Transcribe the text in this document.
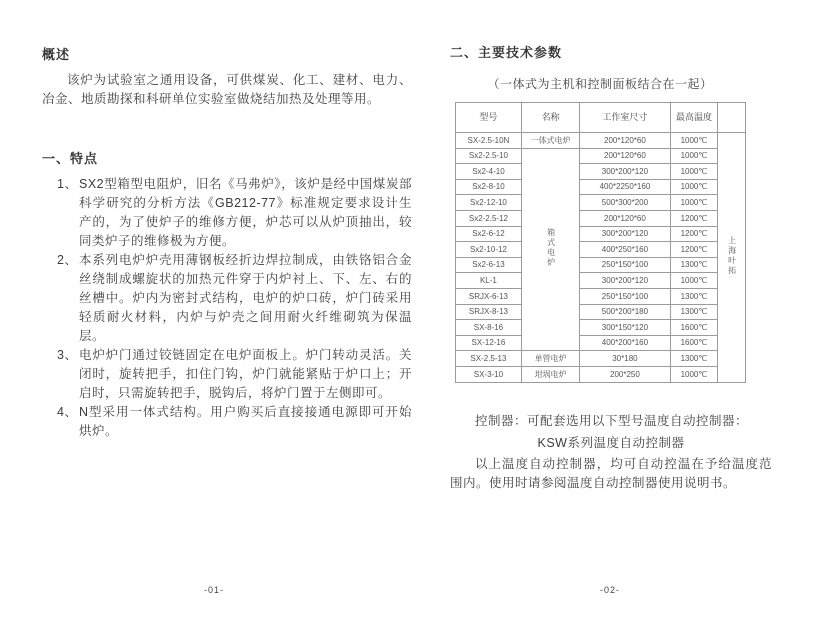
概述

该炉为试验室之通用设备，可供煤炭、化工、建材、电力、冶金、地质勘探和科研单位实验室做烧结加热及处理等用。

一、特点
1、 SX2型箱型电阻炉，旧名《马弗炉》，该炉是经中国煤炭部科学研究的分析方法《GB212-77》标准规定要求设计生产的，为了使炉子的维修方便，炉芯可以从炉顶抽出，较同类炉子的维修极为方便。
2、 本系列电炉炉壳用薄钢板经折边焊拉制成，由铁铬铝合金丝绕制成螺旋状的加热元件穿于内炉衬上、下、左、右的丝槽中。炉内为密封式结构，电炉的炉口砖，炉门砖采用轻质耐火材料，内炉与炉壳之间用耐火纤维砌筑为保温层。
3、 电炉炉门通过铰链固定在电炉面板上。炉门转动灵活。关闭时，旋转把手，扣住门钩，炉门就能紧贴于炉口上；开启时，只需旋转把手，脱钩后，将炉门置于左侧即可。
4、 N型采用一体式结构。用户购买后直接接通电源即可开始烘炉。
二、主要技术参数

（一体式为主机和控制面板结合在一起）

型号	名称	工作室尺寸	最高温度	
SX-2.5-10N	一体式电炉	200*120*60	1000℃	上海叶拓
Sx2-2.5-10	箱式电炉	200*120*60	1000℃	
Sx2-4-10		300*200*120	1000℃	
Sx2-8-10		400*2250*160	1000℃	
Sx2-12-10		500*300*200	1000℃	
Sx2-2.5-12		200*120*60	1200℃	
Sx2-6-12		300*200*120	1200℃	
Sx2-10-12		400*250*160	1200℃	
Sx2-6-13		250*150*100	1300℃	
KL-1		300*200*120	1000℃	
SRJX-6-13		250*150*100	1300℃	
SRJX-8-13		500*200*180	1300℃	
SX-8-16		300*150*120	1600℃	
SX-12-16		400*200*160	1600℃	
SX-2.5-13	单管电炉	30*180	1300℃	
SX-3-10	坩埚电炉	200*250	1000℃	

控制器：可配套选用以下型号温度自动控制器：

KSW系列温度自动控制器

以上温度自动控制器，均可自动控温在予给温度范围内。使用时请参阅温度自动控制器使用说明书。

-01-	-02-
